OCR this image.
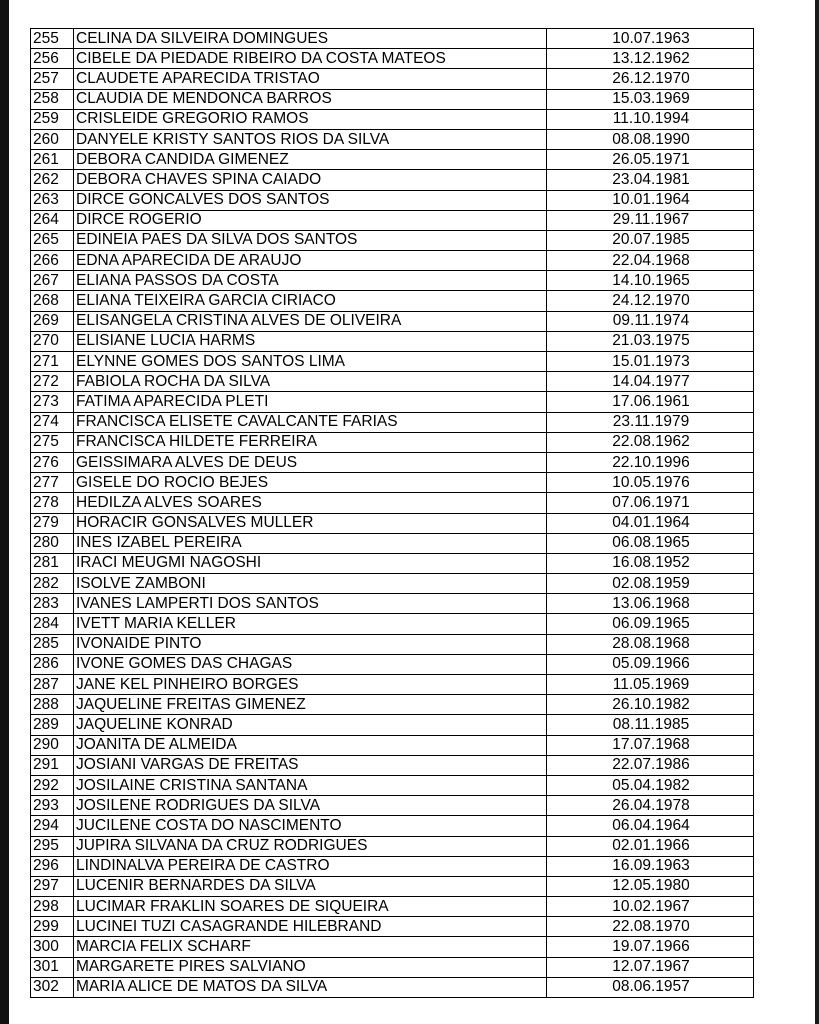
255	CELINA DA SILVEIRA DOMINGUES	10.07.1963
256	CIBELE DA PIEDADE RIBEIRO DA COSTA MATEOS	13.12.1962
257	CLAUDETE APARECIDA TRISTAO	26.12.1970
258	CLAUDIA DE MENDONCA BARROS	15.03.1969
259	CRISLEIDE GREGORIO RAMOS	11.10.1994
260	DANYELE KRISTY SANTOS RIOS DA SILVA	08.08.1990
261	DEBORA CANDIDA GIMENEZ	26.05.1971
262	DEBORA CHAVES SPINA CAIADO	23.04.1981
263	DIRCE GONCALVES DOS SANTOS	10.01.1964
264	DIRCE ROGERIO	29.11.1967
265	EDINEIA PAES DA SILVA DOS SANTOS	20.07.1985
266	EDNA APARECIDA DE ARAUJO	22.04.1968
267	ELIANA PASSOS DA COSTA	14.10.1965
268	ELIANA TEIXEIRA GARCIA CIRIACO	24.12.1970
269	ELISANGELA CRISTINA ALVES DE OLIVEIRA	09.11.1974
270	ELISIANE LUCIA HARMS	21.03.1975
271	ELYNNE GOMES DOS SANTOS LIMA	15.01.1973
272	FABIOLA ROCHA DA SILVA	14.04.1977
273	FATIMA APARECIDA PLETI	17.06.1961
274	FRANCISCA ELISETE CAVALCANTE FARIAS	23.11.1979
275	FRANCISCA HILDETE FERREIRA	22.08.1962
276	GEISSIMARA ALVES DE DEUS	22.10.1996
277	GISELE DO ROCIO BEJES	10.05.1976
278	HEDILZA ALVES SOARES	07.06.1971
279	HORACIR GONSALVES MULLER	04.01.1964
280	INES IZABEL PEREIRA	06.08.1965
281	IRACI MEUGMI NAGOSHI	16.08.1952
282	ISOLVE ZAMBONI	02.08.1959
283	IVANES LAMPERTI DOS SANTOS	13.06.1968
284	IVETT MARIA KELLER	06.09.1965
285	IVONAIDE PINTO	28.08.1968
286	IVONE GOMES DAS CHAGAS	05.09.1966
287	JANE KEL PINHEIRO BORGES	11.05.1969
288	JAQUELINE FREITAS GIMENEZ	26.10.1982
289	JAQUELINE KONRAD	08.11.1985
290	JOANITA DE ALMEIDA	17.07.1968
291	JOSIANI VARGAS DE FREITAS	22.07.1986
292	JOSILAINE CRISTINA SANTANA	05.04.1982
293	JOSILENE RODRIGUES DA SILVA	26.04.1978
294	JUCILENE COSTA DO NASCIMENTO	06.04.1964
295	JUPIRA SILVANA DA CRUZ RODRIGUES	02.01.1966
296	LINDINALVA PEREIRA DE CASTRO	16.09.1963
297	LUCENIR BERNARDES DA SILVA	12.05.1980
298	LUCIMAR FRAKLIN SOARES DE SIQUEIRA	10.02.1967
299	LUCINEI TUZI CASAGRANDE HILEBRAND	22.08.1970
300	MARCIA FELIX SCHARF	19.07.1966
301	MARGARETE PIRES SALVIANO	12.07.1967
302	MARIA ALICE DE MATOS DA SILVA	08.06.1957
